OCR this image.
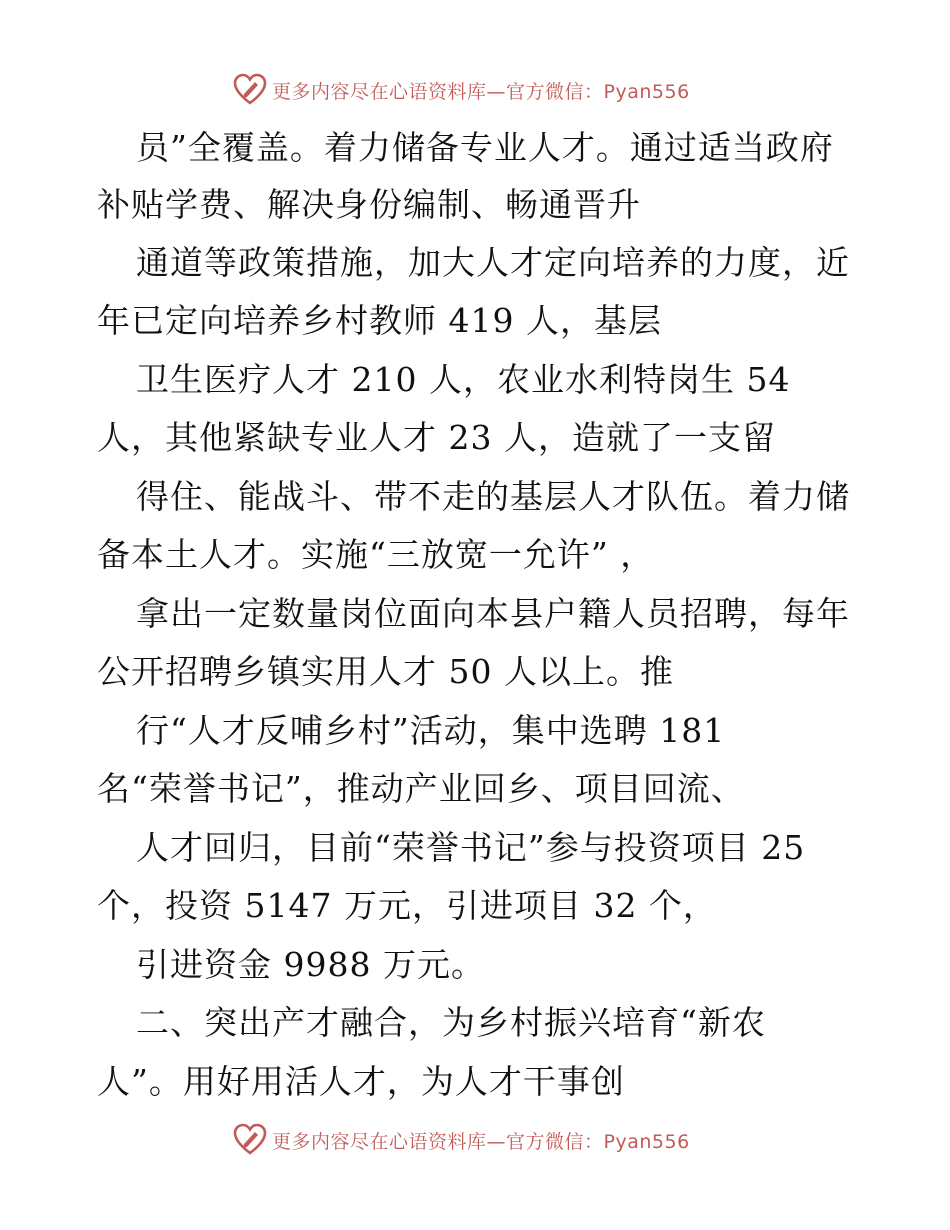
更多内容尽在心语资料库—官方微信：Pyan556
员”全覆盖。着力储备专业人才。通过适当政府
补贴学费、解决身份编制、畅通晋升
通道等政策措施，加大人才定向培养的力度，近
年已定向培养乡村教师 419 人，基层
卫生医疗人才 210 人，农业水利特岗生 54
人，其他紧缺专业人才 23 人，造就了一支留
得住、能战斗、带不走的基层人才队伍。着力储
备本土人才。实施“三放宽一允许” ，
拿出一定数量岗位面向本县户籍人员招聘，每年
公开招聘乡镇实用人才 50 人以上。推
行“人才反哺乡村”活动，集中选聘 181
名“荣誉书记”，推动产业回乡、项目回流、
人才回归，目前“荣誉书记”参与投资项目 25
个，投资 5147 万元，引进项目 32 个，
引进资金 9988 万元。
二、突出产才融合，为乡村振兴培育“新农
人”。用好用活人才，为人才干事创
更多内容尽在心语资料库—官方微信：Pyan556
